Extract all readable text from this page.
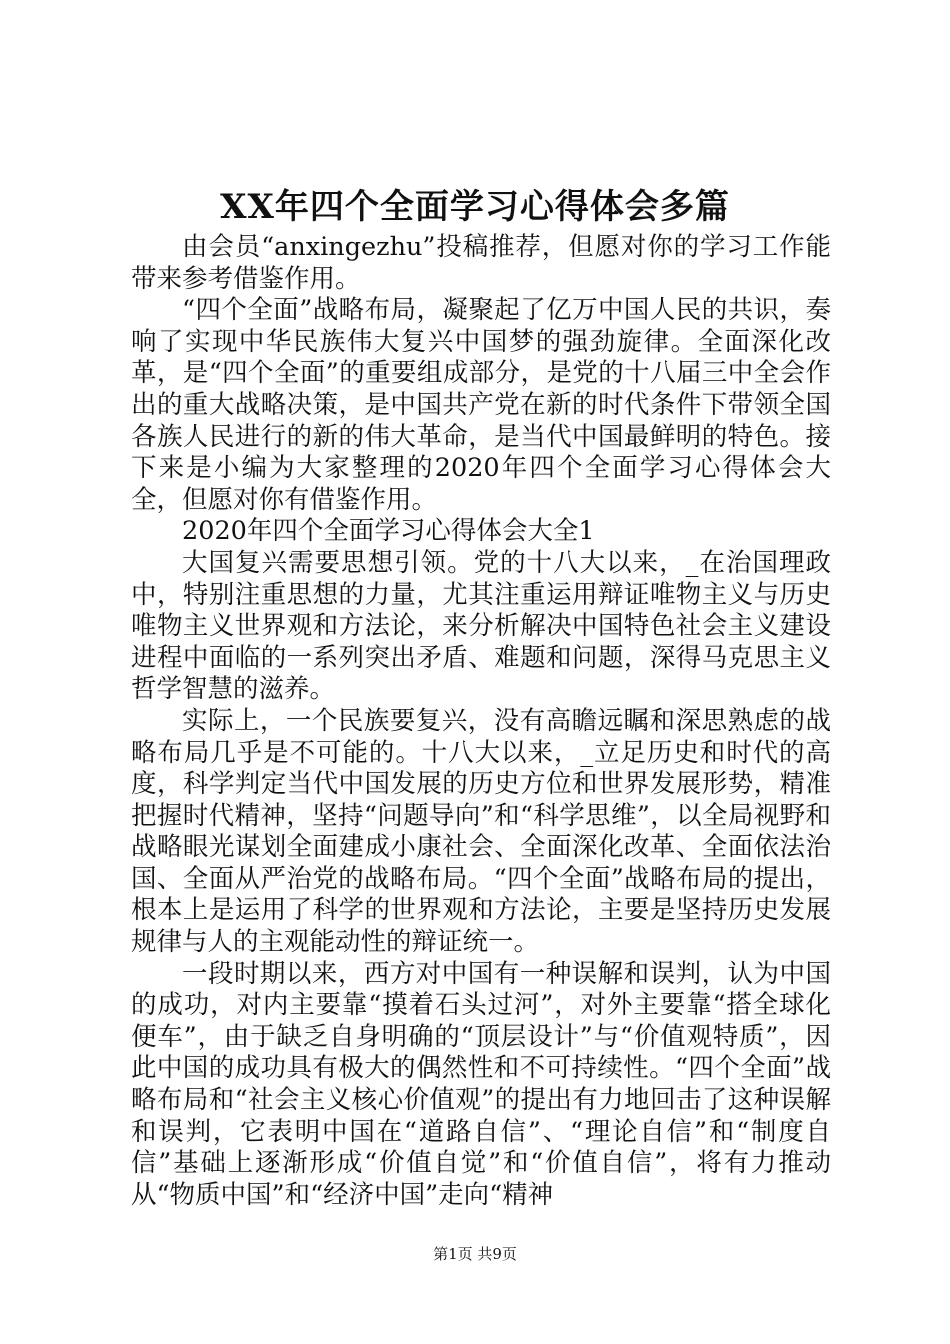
XX年四个全面学习心得体会多篇

由会员“anxingezhu”投稿推荐，但愿对你的学习工作能带来参考借鉴作用。

“四个全面”战略布局，凝聚起了亿万中国人民的共识，奏响了实现中华民族伟大复兴中国梦的强劲旋律。全面深化改革，是“四个全面”的重要组成部分，是党的十八届三中全会作出的重大战略决策，是中国共产党在新的时代条件下带领全国各族人民进行的新的伟大革命，是当代中国最鲜明的特色。接下来是小编为大家整理的2020年四个全面学习心得体会大全，但愿对你有借鉴作用。

2020年四个全面学习心得体会大全1

大国复兴需要思想引领。党的十八大以来，_在治国理政中，特别注重思想的力量，尤其注重运用辩证唯物主义与历史唯物主义世界观和方法论，来分析解决中国特色社会主义建设进程中面临的一系列突出矛盾、难题和问题，深得马克思主义哲学智慧的滋养。

实际上，一个民族要复兴，没有高瞻远瞩和深思熟虑的战略布局几乎是不可能的。十八大以来，_立足历史和时代的高度，科学判定当代中国发展的历史方位和世界发展形势，精准把握时代精神，坚持“问题导向”和“科学思维”，以全局视野和战略眼光谋划全面建成小康社会、全面深化改革、全面依法治国、全面从严治党的战略布局。“四个全面”战略布局的提出，根本上是运用了科学的世界观和方法论，主要是坚持历史发展规律与人的主观能动性的辩证统一。

一段时期以来，西方对中国有一种误解和误判，认为中国的成功，对内主要靠“摸着石头过河”，对外主要靠“搭全球化便车”，由于缺乏自身明确的“顶层设计”与“价值观特质”，因此中国的成功具有极大的偶然性和不可持续性。“四个全面”战略布局和“社会主义核心价值观”的提出有力地回击了这种误解和误判，它表明中国在“道路自信”、“理论自信”和“制度自信”基础上逐渐形成“价值自觉”和“价值自信”，将有力推动从“物质中国”和“经济中国”走向“精神

第1页 共9页
